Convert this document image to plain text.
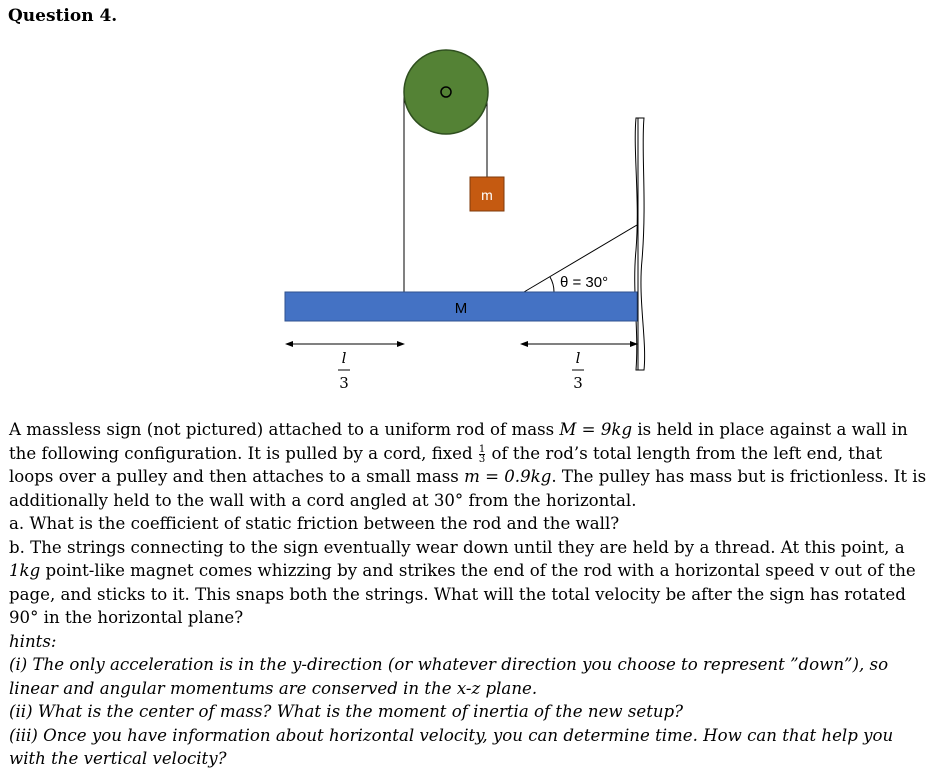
Question 4.
m
θ = 30°
M
l
3
l
3

A massless sign (not pictured) attached to a uniform rod of mass M = 9kg is held in place against a wall in the following configuration. It is pulled by a cord, fixed $\frac{1}{3}$ of the rod’s total length from the left end, that loops over a pulley and then attaches to a small mass m = 0.9kg. The pulley has mass but is frictionless. It is additionally held to the wall with a cord angled at 30° from the horizontal.

a. What is the coefficient of static friction between the rod and the wall?

b. The strings connecting to the sign eventually wear down until they are held by a thread. At this point, a 1kg point-like magnet comes whizzing by and strikes the end of the rod with a horizontal speed v out of the page, and sticks to it. This snaps both the strings. What will the total velocity be after the sign has rotated 90° in the horizontal plane?

hints:

(i) The only acceleration is in the y-direction (or whatever direction you choose to represent ”down”), so linear and angular momentums are conserved in the x-z plane.

(ii) What is the center of mass? What is the moment of inertia of the new setup?

(iii) Once you have information about horizontal velocity, you can determine time. How can that help you with the vertical velocity?
